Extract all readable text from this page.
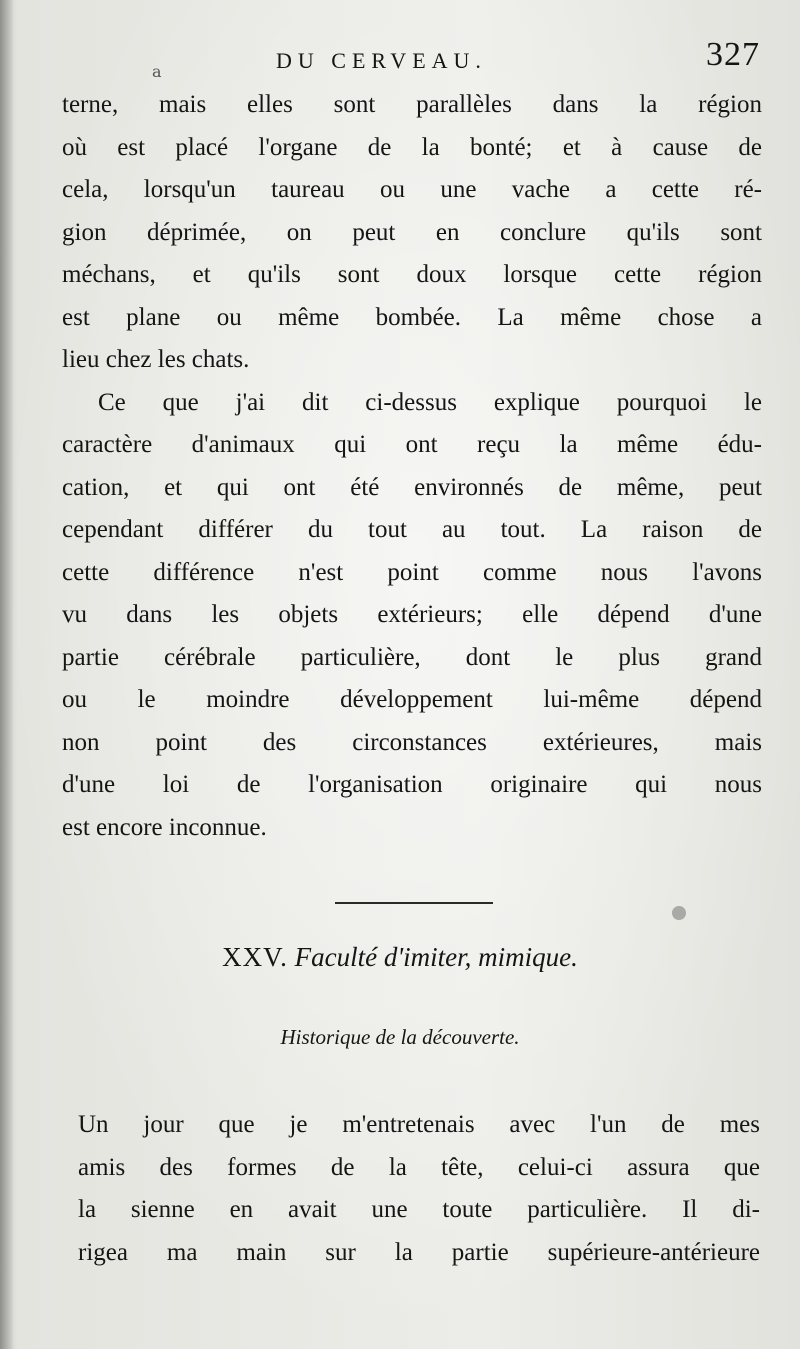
a	DU CERVEAU.	327
terne, mais elles sont parallèles dans la région
où est placé l'organe de la bonté; et à cause de
cela, lorsqu'un taureau ou une vache a cette ré-
gion déprimée, on peut en conclure qu'ils sont
méchans, et qu'ils sont doux lorsque cette région
est plane ou même bombée. La même chose a
lieu chez les chats.
Ce que j'ai dit ci-dessus explique pourquoi le
caractère d'animaux qui ont reçu la même édu-
cation, et qui ont été environnés de même, peut
cependant différer du tout au tout. La raison de
cette différence n'est point comme nous l'avons
vu dans les objets extérieurs; elle dépend d'une
partie cérébrale particulière, dont le plus grand
ou le moindre développement lui-même dépend
non point des circonstances extérieures, mais
d'une loi de l'organisation originaire qui nous
est encore inconnue.
XXV. Faculté d'imiter, mimique.
Historique de la découverte.
Un jour que je m'entretenais avec l'un de mes
amis des formes de la tête, celui-ci assura que
la sienne en avait une toute particulière. Il di-
rigea ma main sur la partie supérieure-antérieure
